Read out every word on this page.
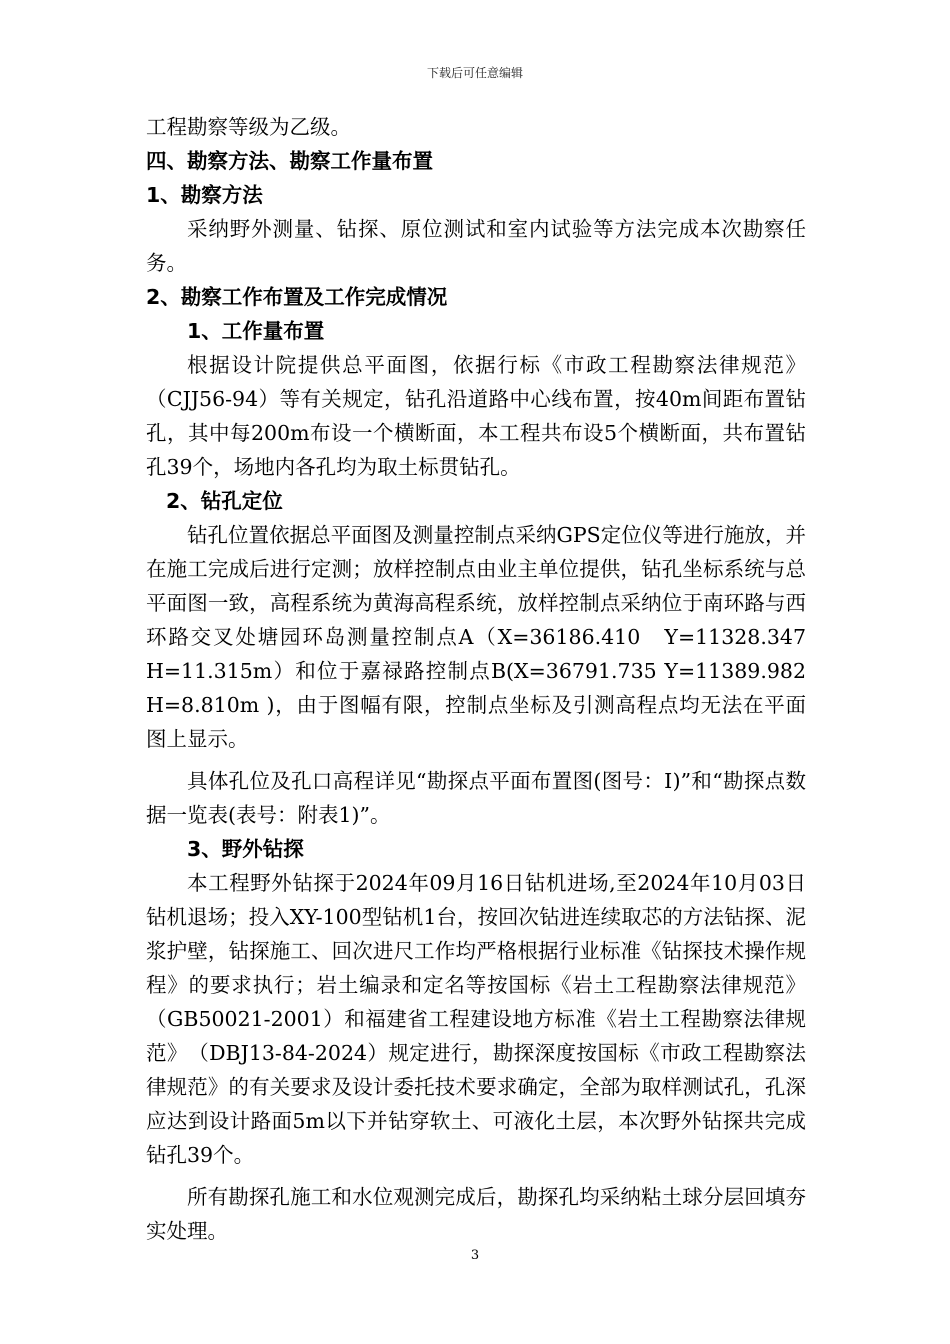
下载后可任意编辑

工程勘察等级为乙级。

四、勘察方法、勘察工作量布置

1、勘察方法

采纳野外测量、钻探、原位测试和室内试验等方法完成本次勘察任务。

2、勘察工作布置及工作完成情况

1、工作量布置

根据设计院提供总平面图，依据行标《市政工程勘察法律规范》（CJJ56-94）等有关规定，钻孔沿道路中心线布置，按40m间距布置钻孔，其中每200m布设一个横断面，本工程共布设5个横断面，共布置钻孔39个，场地内各孔均为取土标贯钻孔。

2、钻孔定位

钻孔位置依据总平面图及测量控制点采纳GPS定位仪等进行施放，并在施工完成后进行定测；放样控制点由业主单位提供，钻孔坐标系统与总平面图一致，高程系统为黄海高程系统，放样控制点采纳位于南环路与西环路交叉处塘园环岛测量控制点A（X=36186.410　Y=11328.347　 H=11.315m）和位于嘉禄路控制点B(X=36791.735 Y=11389.982　H=8.810m )，由于图幅有限，控制点坐标及引测高程点均无法在平面图上显示。

具体孔位及孔口高程详见“勘探点平面布置图(图号：Ⅰ)”和“勘探点数据一览表(表号：附表1)”。

3、野外钻探

本工程野外钻探于2024年09月16日钻机进场,至2024年10月03日钻机退场；投入XY-100型钻机1台，按回次钻进连续取芯的方法钻探、泥浆护壁，钻探施工、回次进尺工作均严格根据行业标准《钻探技术操作规程》的要求执行；岩土编录和定名等按国标《岩土工程勘察法律规范》（GB50021-2001）和福建省工程建设地方标准《岩土工程勘察法律规范》　（DBJ13-84-2024）规定进行，勘探深度按国标《市政工程勘察法律规范》的有关要求及设计委托技术要求确定，全部为取样测试孔，孔深应达到设计路面5m以下并钻穿软土、可液化土层，本次野外钻探共完成钻孔39个。

所有勘探孔施工和水位观测完成后，勘探孔均采纳粘土球分层回填夯实处理。

3
